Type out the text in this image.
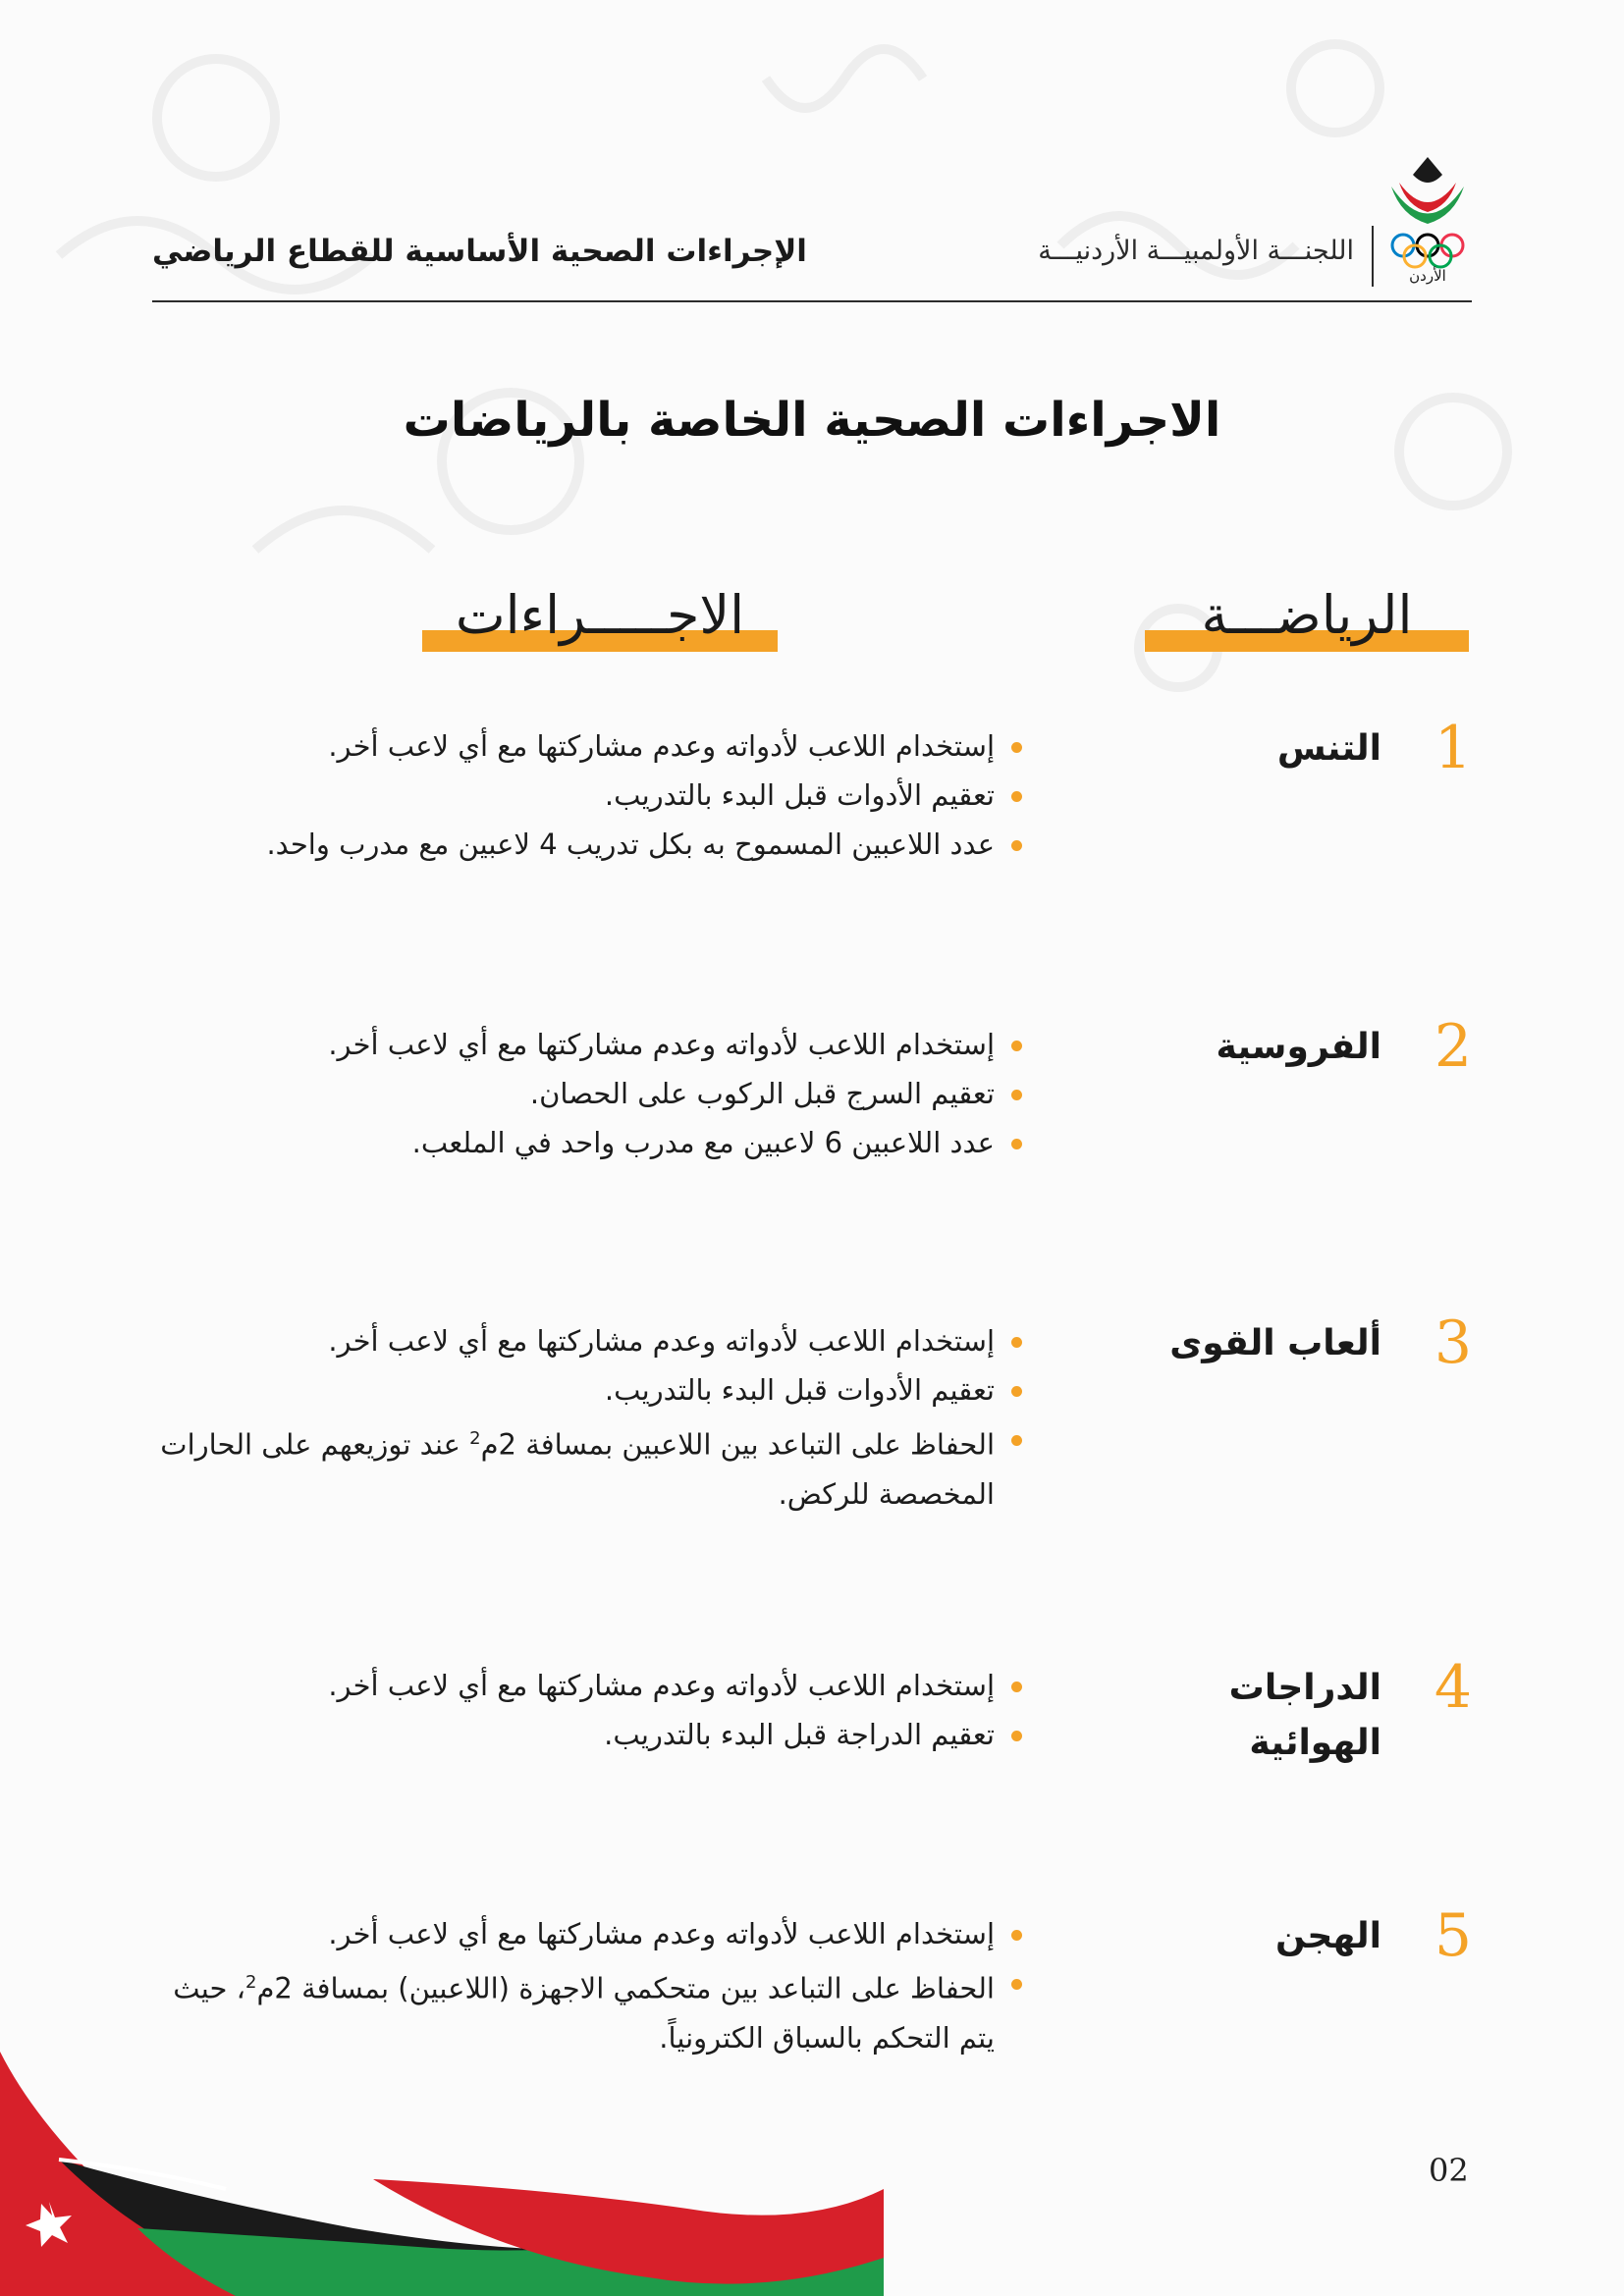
الأردن
اللجنـــة الأولمبيـــة الأردنيـــة
الإجراءات الصحية الأساسية للقطاع الرياضي
الاجراءات الصحية الخاصة بالرياضات
الرياضـــة
الاجـــــراءات
1
التنس
إستخدام اللاعب لأدواته وعدم مشاركتها مع أي لاعب أخر.
تعقيم الأدوات قبل البدء بالتدريب.
عدد اللاعبين المسموح به بكل تدريب 4 لاعبين مع مدرب واحد.
2
الفروسية
إستخدام اللاعب لأدواته وعدم مشاركتها مع أي لاعب أخر.
تعقيم السرج قبل الركوب على الحصان.
عدد اللاعبين 6 لاعبين مع مدرب واحد في الملعب.
3
ألعاب القوى
إستخدام اللاعب لأدواته وعدم مشاركتها مع أي لاعب أخر.
تعقيم الأدوات قبل البدء بالتدريب.
الحفاظ على التباعد بين اللاعبين بمسافة 2م$^2$ عند توزيعهم على الحارات المخصصة للركض.
4
الدراجات الهوائية
إستخدام اللاعب لأدواته وعدم مشاركتها مع أي لاعب أخر.
تعقيم الدراجة قبل البدء بالتدريب.
5
الهجن
إستخدام اللاعب لأدواته وعدم مشاركتها مع أي لاعب أخر.
الحفاظ على التباعد بين متحكمي الاجهزة (اللاعبين) بمسافة 2م$^2$، حيث يتم التحكم بالسباق الكترونياً.
02
